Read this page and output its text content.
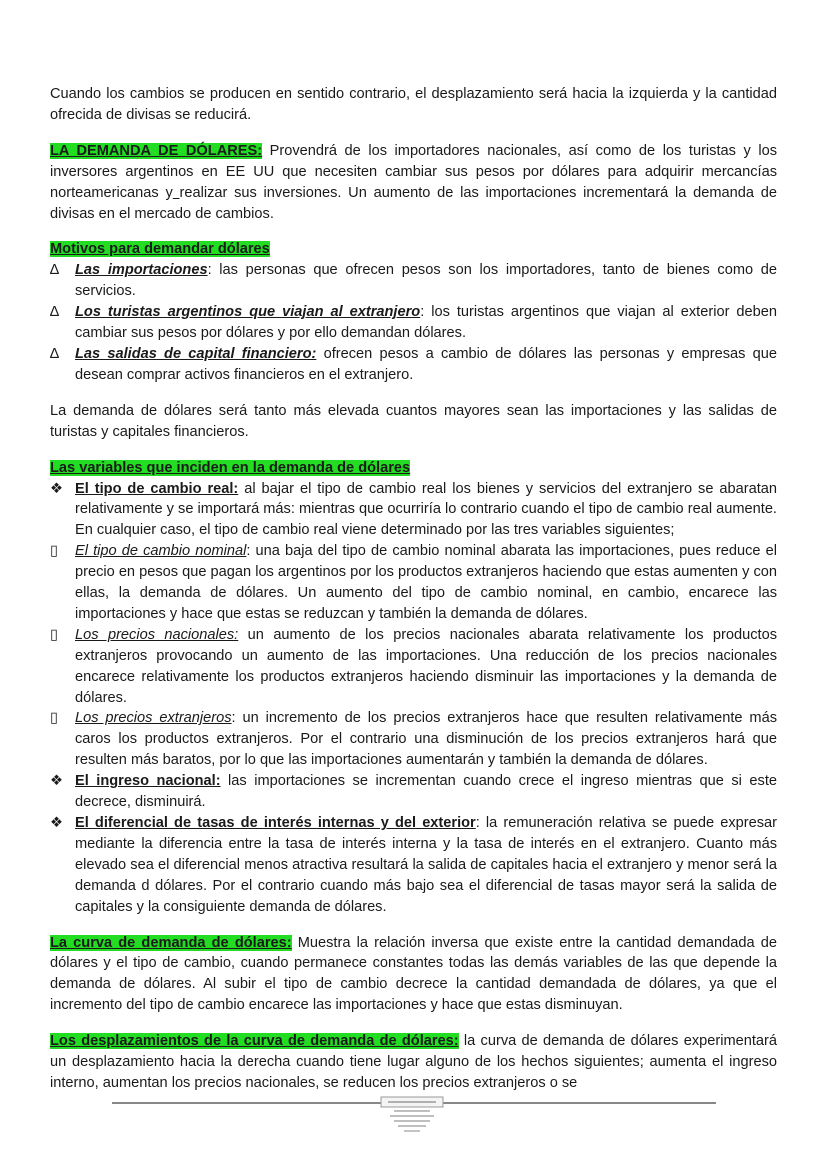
Cuando los cambios se producen en sentido contrario, el desplazamiento será hacia la izquierda y la cantidad ofrecida de divisas se reducirá.

LA DEMANDA DE DÓLARES: Provendrá de los importadores nacionales, así como de los turistas y los inversores argentinos en EE UU que necesiten cambiar sus pesos por dólares para adquirir mercancías norteamericanas y realizar sus inversiones. Un aumento de las importaciones incrementará la demanda de divisas en el mercado de cambios.

Motivos para demandar dólares
∆	Las importaciones: las personas que ofrecen pesos son los importadores, tanto de bienes como de servicios.
∆	Los turistas argentinos que viajan al extranjero: los turistas argentinos que viajan al exterior deben cambiar sus pesos por dólares y por ello demandan dólares.
∆	Las salidas de capital financiero: ofrecen pesos a cambio de dólares las personas y empresas que desean comprar activos financieros en el extranjero.

La demanda de dólares será tanto más elevada cuantos mayores sean las importaciones y las salidas de turistas y capitales financieros.

Las variables que inciden en la demanda de dólares
❖ El tipo de cambio real: al bajar el tipo de cambio real los bienes y servicios del extranjero se abaratan relativamente y se importará más: mientras que ocurriría lo contrario cuando el tipo de cambio real aumente. En cualquier caso, el tipo de cambio real viene determinado por las tres variables siguientes;
▯	El tipo de cambio nominal: una baja del tipo de cambio nominal abarata las importaciones, pues reduce el precio en pesos que pagan los argentinos por los productos extranjeros haciendo que estas aumenten y con ellas, la demanda de dólares. Un aumento del tipo de cambio nominal, en cambio, encarece las importaciones y hace que estas se reduzcan y también la demanda de dólares.
▯	Los precios nacionales: un aumento de los precios nacionales abarata relativamente los productos extranjeros provocando un aumento de las importaciones. Una reducción de los precios nacionales encarece relativamente los productos extranjeros haciendo disminuir las importaciones y la demanda de dólares.
▯	Los precios extranjeros: un incremento de los precios extranjeros hace que resulten relativamente más caros los productos extranjeros. Por el contrario una disminución de los precios extranjeros hará que resulten más baratos, por lo que las importaciones aumentarán y también la demanda de dólares.
❖ El ingreso nacional: las importaciones se incrementan cuando crece el ingreso mientras que si este decrece, disminuirá.
❖ El diferencial de tasas de interés internas y del exterior: la remuneración relativa se puede expresar mediante la diferencia entre la tasa de interés interna y la tasa de interés en el extranjero. Cuanto más elevado sea el diferencial menos atractiva resultará la salida de capitales hacia el extranjero y menor será la demanda d dólares. Por el contrario cuando más bajo sea el diferencial de tasas mayor será la salida de capitales y la consiguiente demanda de dólares.

La curva de demanda de dólares: Muestra la relación inversa que existe entre la cantidad demandada de dólares y el tipo de cambio, cuando permanece constantes todas las demás variables de las que depende la demanda de dólares. Al subir el tipo de cambio decrece la cantidad demandada de dólares, ya que el incremento del tipo de cambio encarece las importaciones y hace que estas disminuyan.

Los desplazamientos de la curva de demanda de dólares: la curva de demanda de dólares experimentará un desplazamiento hacia la derecha cuando tiene lugar alguno de los hechos siguientes; aumenta el ingreso interno, aumentan los precios nacionales, se reducen los precios extranjeros o se
